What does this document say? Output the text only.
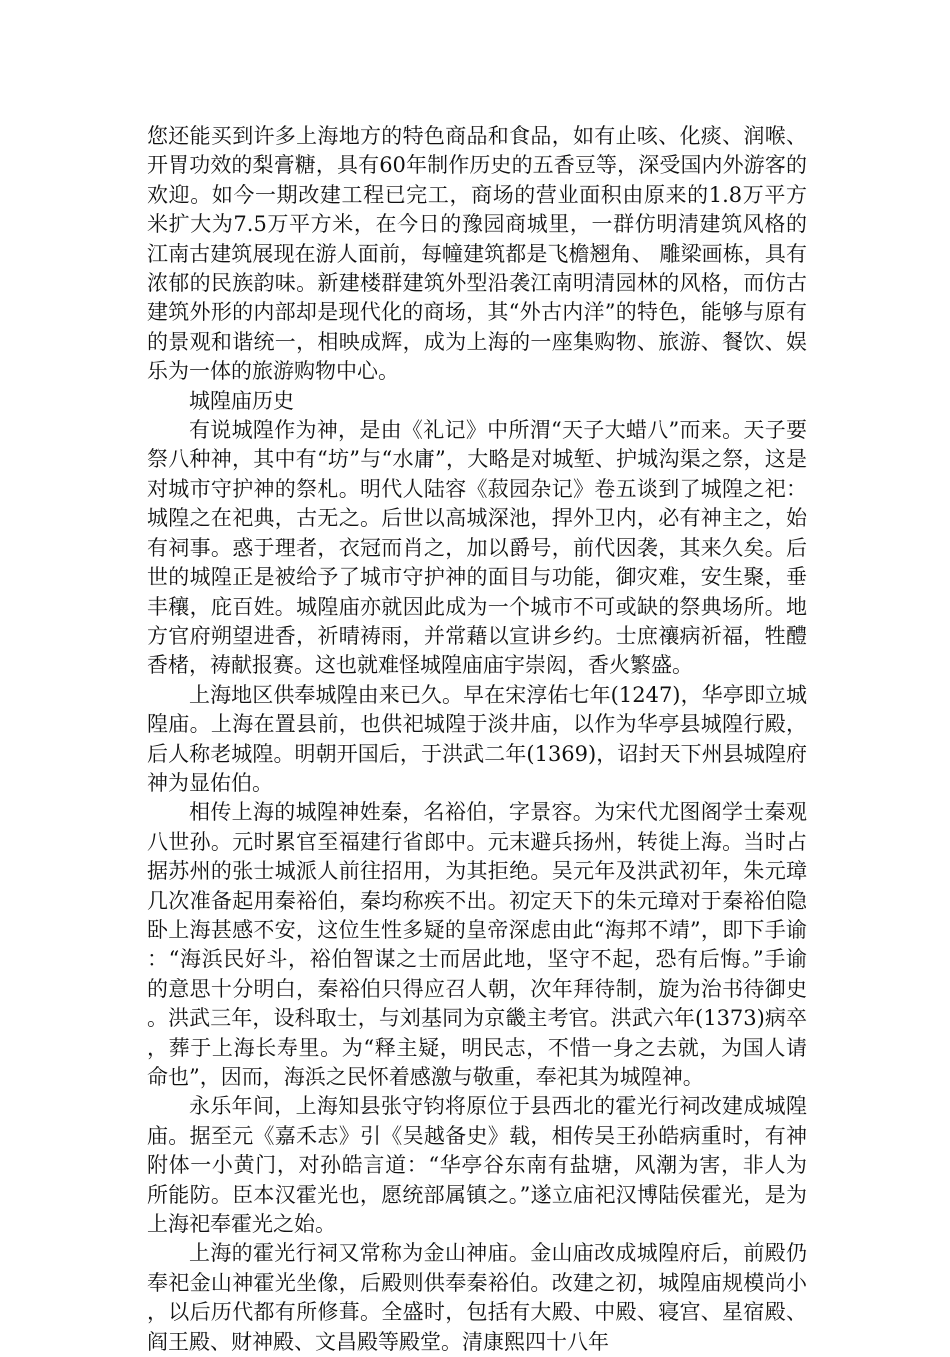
您还能买到许多上海地方的特色商品和食品，如有止咳、化痰、润喉、开胃功效的梨膏糖，具有60年制作历史的五香豆等，深受国内外游客的欢迎。如今一期改建工程已完工，商场的营业面积由原来的1.8万平方米扩大为7.5万平方米，在今日的豫园商城里，一群仿明清建筑风格的江南古建筑展现在游人面前，每幢建筑都是飞檐翘角、 雕梁画栋，具有浓郁的民族韵味。新建楼群建筑外型沿袭江南明清园林的风格，而仿古建筑外形的内部却是现代化的商场，其“外古内洋”的特色，能够与原有的景观和谐统一，相映成辉，成为上海的一座集购物、旅游、餐饮、娱乐为一体的旅游购物中心。

城隍庙历史

有说城隍作为神，是由《礼记》中所渭“天子大蜡八”而来。天子要祭八种神，其中有“坊”与“水庸”，大略是对城堑、护城沟渠之祭，这是对城市守护神的祭札。明代人陆容《菽园杂记》卷五谈到了城隍之祀：城隍之在祀典，古无之。后世以高城深池，捍外卫内，必有神主之，始有祠事。惑于理者，衣冠而肖之，加以爵号，前代因袭，其来久矣。后世的城隍正是被给予了城市守护神的面目与功能，御灾难，安生聚，垂丰穰，庇百姓。城隍庙亦就因此成为一个城市不可或缺的祭典场所。地方官府朔望进香，祈晴祷雨，并常藉以宣讲乡约。士庶禳病祈福，牲醴香楮，祷献报赛。这也就难怪城隍庙庙宇崇闳，香火繁盛。

上海地区供奉城隍由来已久。早在宋淳佑七年(1247)，华亭即立城隍庙。上海在置县前，也供祀城隍于淡井庙，以作为华亭县城隍行殿，后人称老城隍。明朝开国后，于洪武二年(1369)，诏封天下州县城隍府神为显佑伯。

相传上海的城隍神姓秦，名裕伯，字景容。为宋代尤图阁学士秦观八世孙。元时累官至福建行省郎中。元末避兵扬州，转徙上海。当时占据苏州的张士城派人前往招用，为其拒绝。吴元年及洪武初年，朱元璋几次准备起用秦裕伯，秦均称疾不出。初定天下的朱元璋对于秦裕伯隐卧上海甚感不安，这位生性多疑的皇帝深虑由此“海邦不靖”，即下手谕：“海浜民好斗，裕伯智谋之士而居此地，坚守不起，恐有后悔。”手谕的意思十分明白，秦裕伯只得应召人朝，次年拜待制，旋为治书待御史。洪武三年，设科取士，与刘基同为京畿主考官。洪武六年(1373)病卒，葬于上海长寿里。为“释主疑，明民志，不惜一身之去就，为国人请命也”，因而，海浜之民怀着感激与敬重，奉祀其为城隍神。

永乐年间，上海知县张守钧将原位于县西北的霍光行祠改建成城隍庙。据至元《嘉禾志》引《吴越备史》载，相传吴王孙皓病重时，有神附体一小黄门，对孙皓言道：“华亭谷东南有盐塘，风潮为害，非人为所能防。臣本汉霍光也，愿统部属镇之。”遂立庙祀汉博陆侯霍光，是为上海祀奉霍光之始。

上海的霍光行祠又常称为金山神庙。金山庙改成城隍府后，前殿仍奉祀金山神霍光坐像，后殿则供奉秦裕伯。改建之初，城隍庙规模尚小，以后历代都有所修葺。全盛时，包括有大殿、中殿、寝宫、星宿殿、阎王殿、财神殿、文昌殿等殿堂。清康熙四十八年
